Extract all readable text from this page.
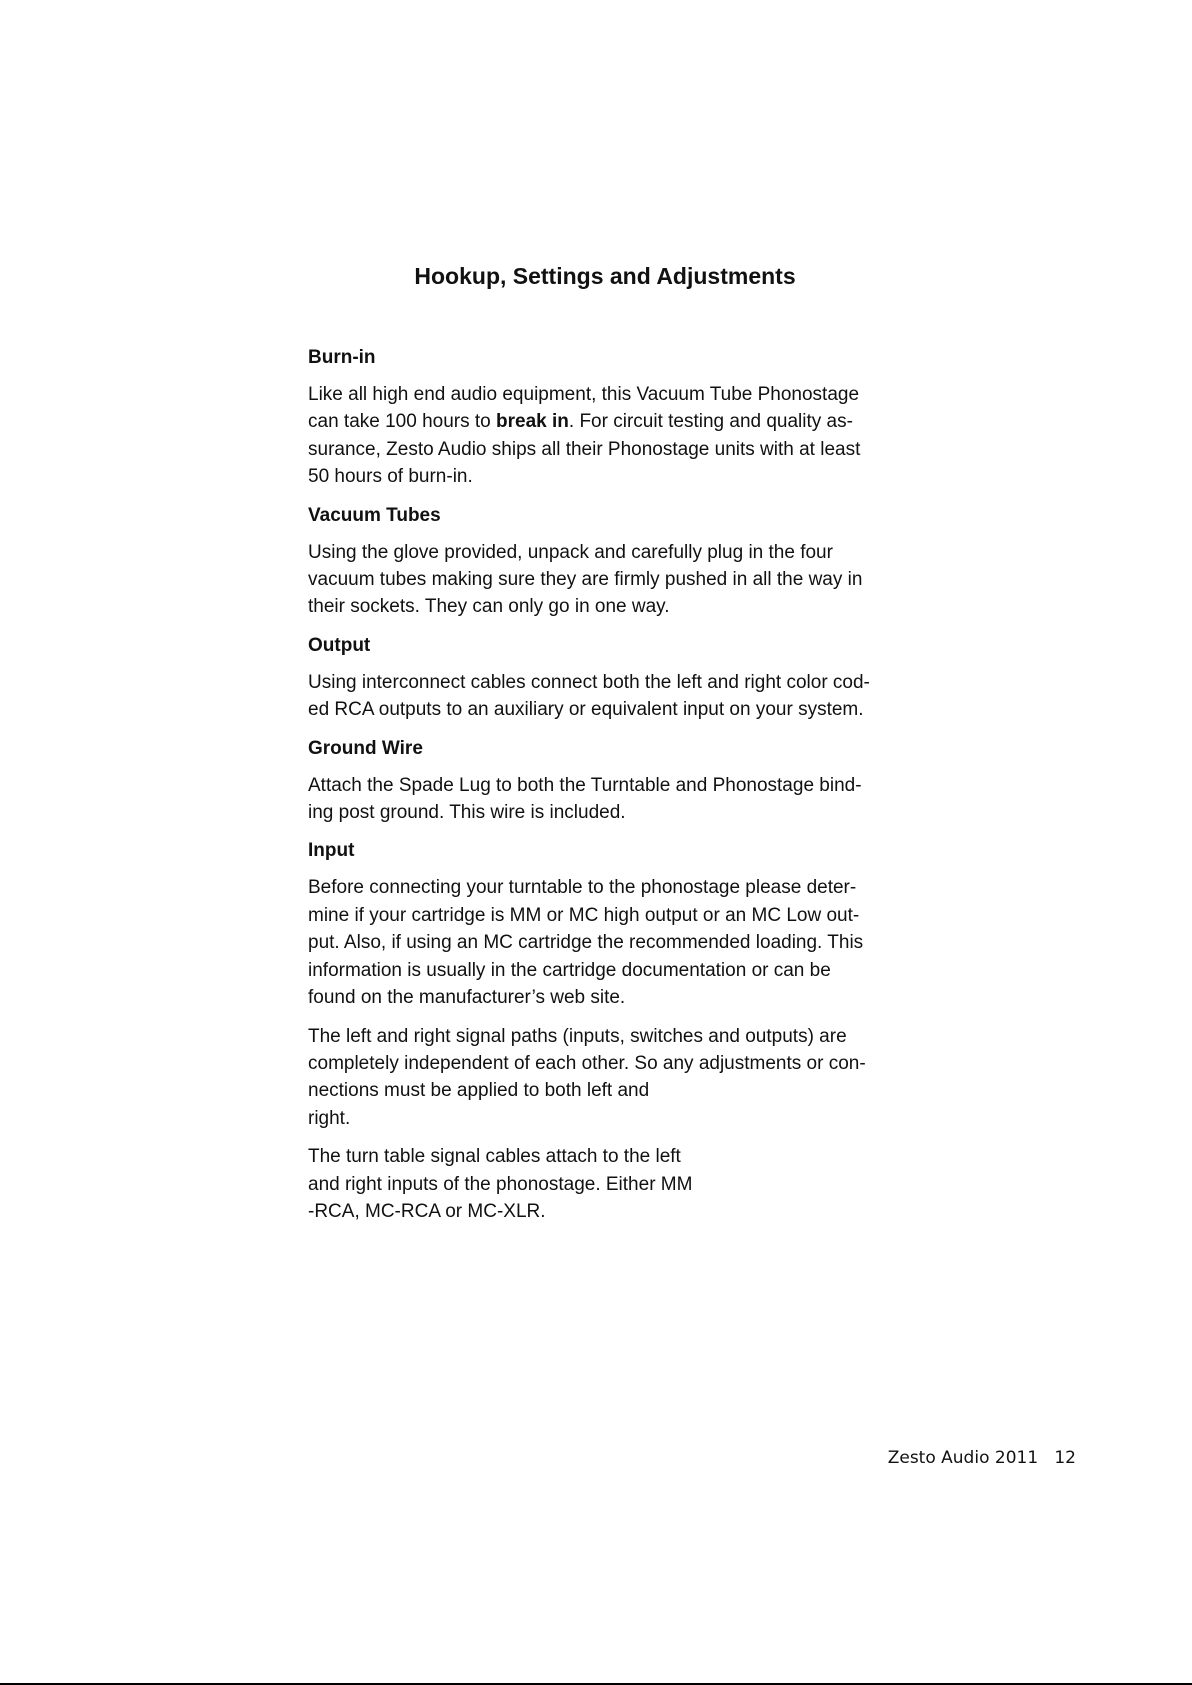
Hookup, Settings and Adjustments
Burn-in
Like all high end audio equipment, this Vacuum Tube Phonostage
can take 100 hours to break in. For circuit testing and quality as-
surance, Zesto Audio ships all their Phonostage units with at least
50 hours of burn-in.
Vacuum Tubes
Using the glove provided, unpack and carefully plug in the four
vacuum tubes making sure they are firmly pushed in all the way in
their sockets. They can only go in one way.
Output
Using interconnect cables connect both the left and right color cod-
ed RCA outputs to an auxiliary or equivalent input on your system.
Ground Wire
Attach the Spade Lug to both the Turntable and Phonostage bind-
ing post ground. This wire is included.
Input
Before connecting your turntable to the phonostage please deter-
mine if your cartridge is MM or MC high output or an MC Low out-
put. Also, if using an MC cartridge the recommended loading. This
information is usually in the cartridge documentation or can be
found on the manufacturer’s web site.
The left and right signal paths (inputs, switches and outputs) are
completely independent of each other. So any adjustments or con-
nections must be applied to both left and
right.
The turn table signal cables attach to the left
and right inputs of the phonostage. Either MM
-RCA, MC-RCA or MC-XLR.
Zesto Audio 2011 12
